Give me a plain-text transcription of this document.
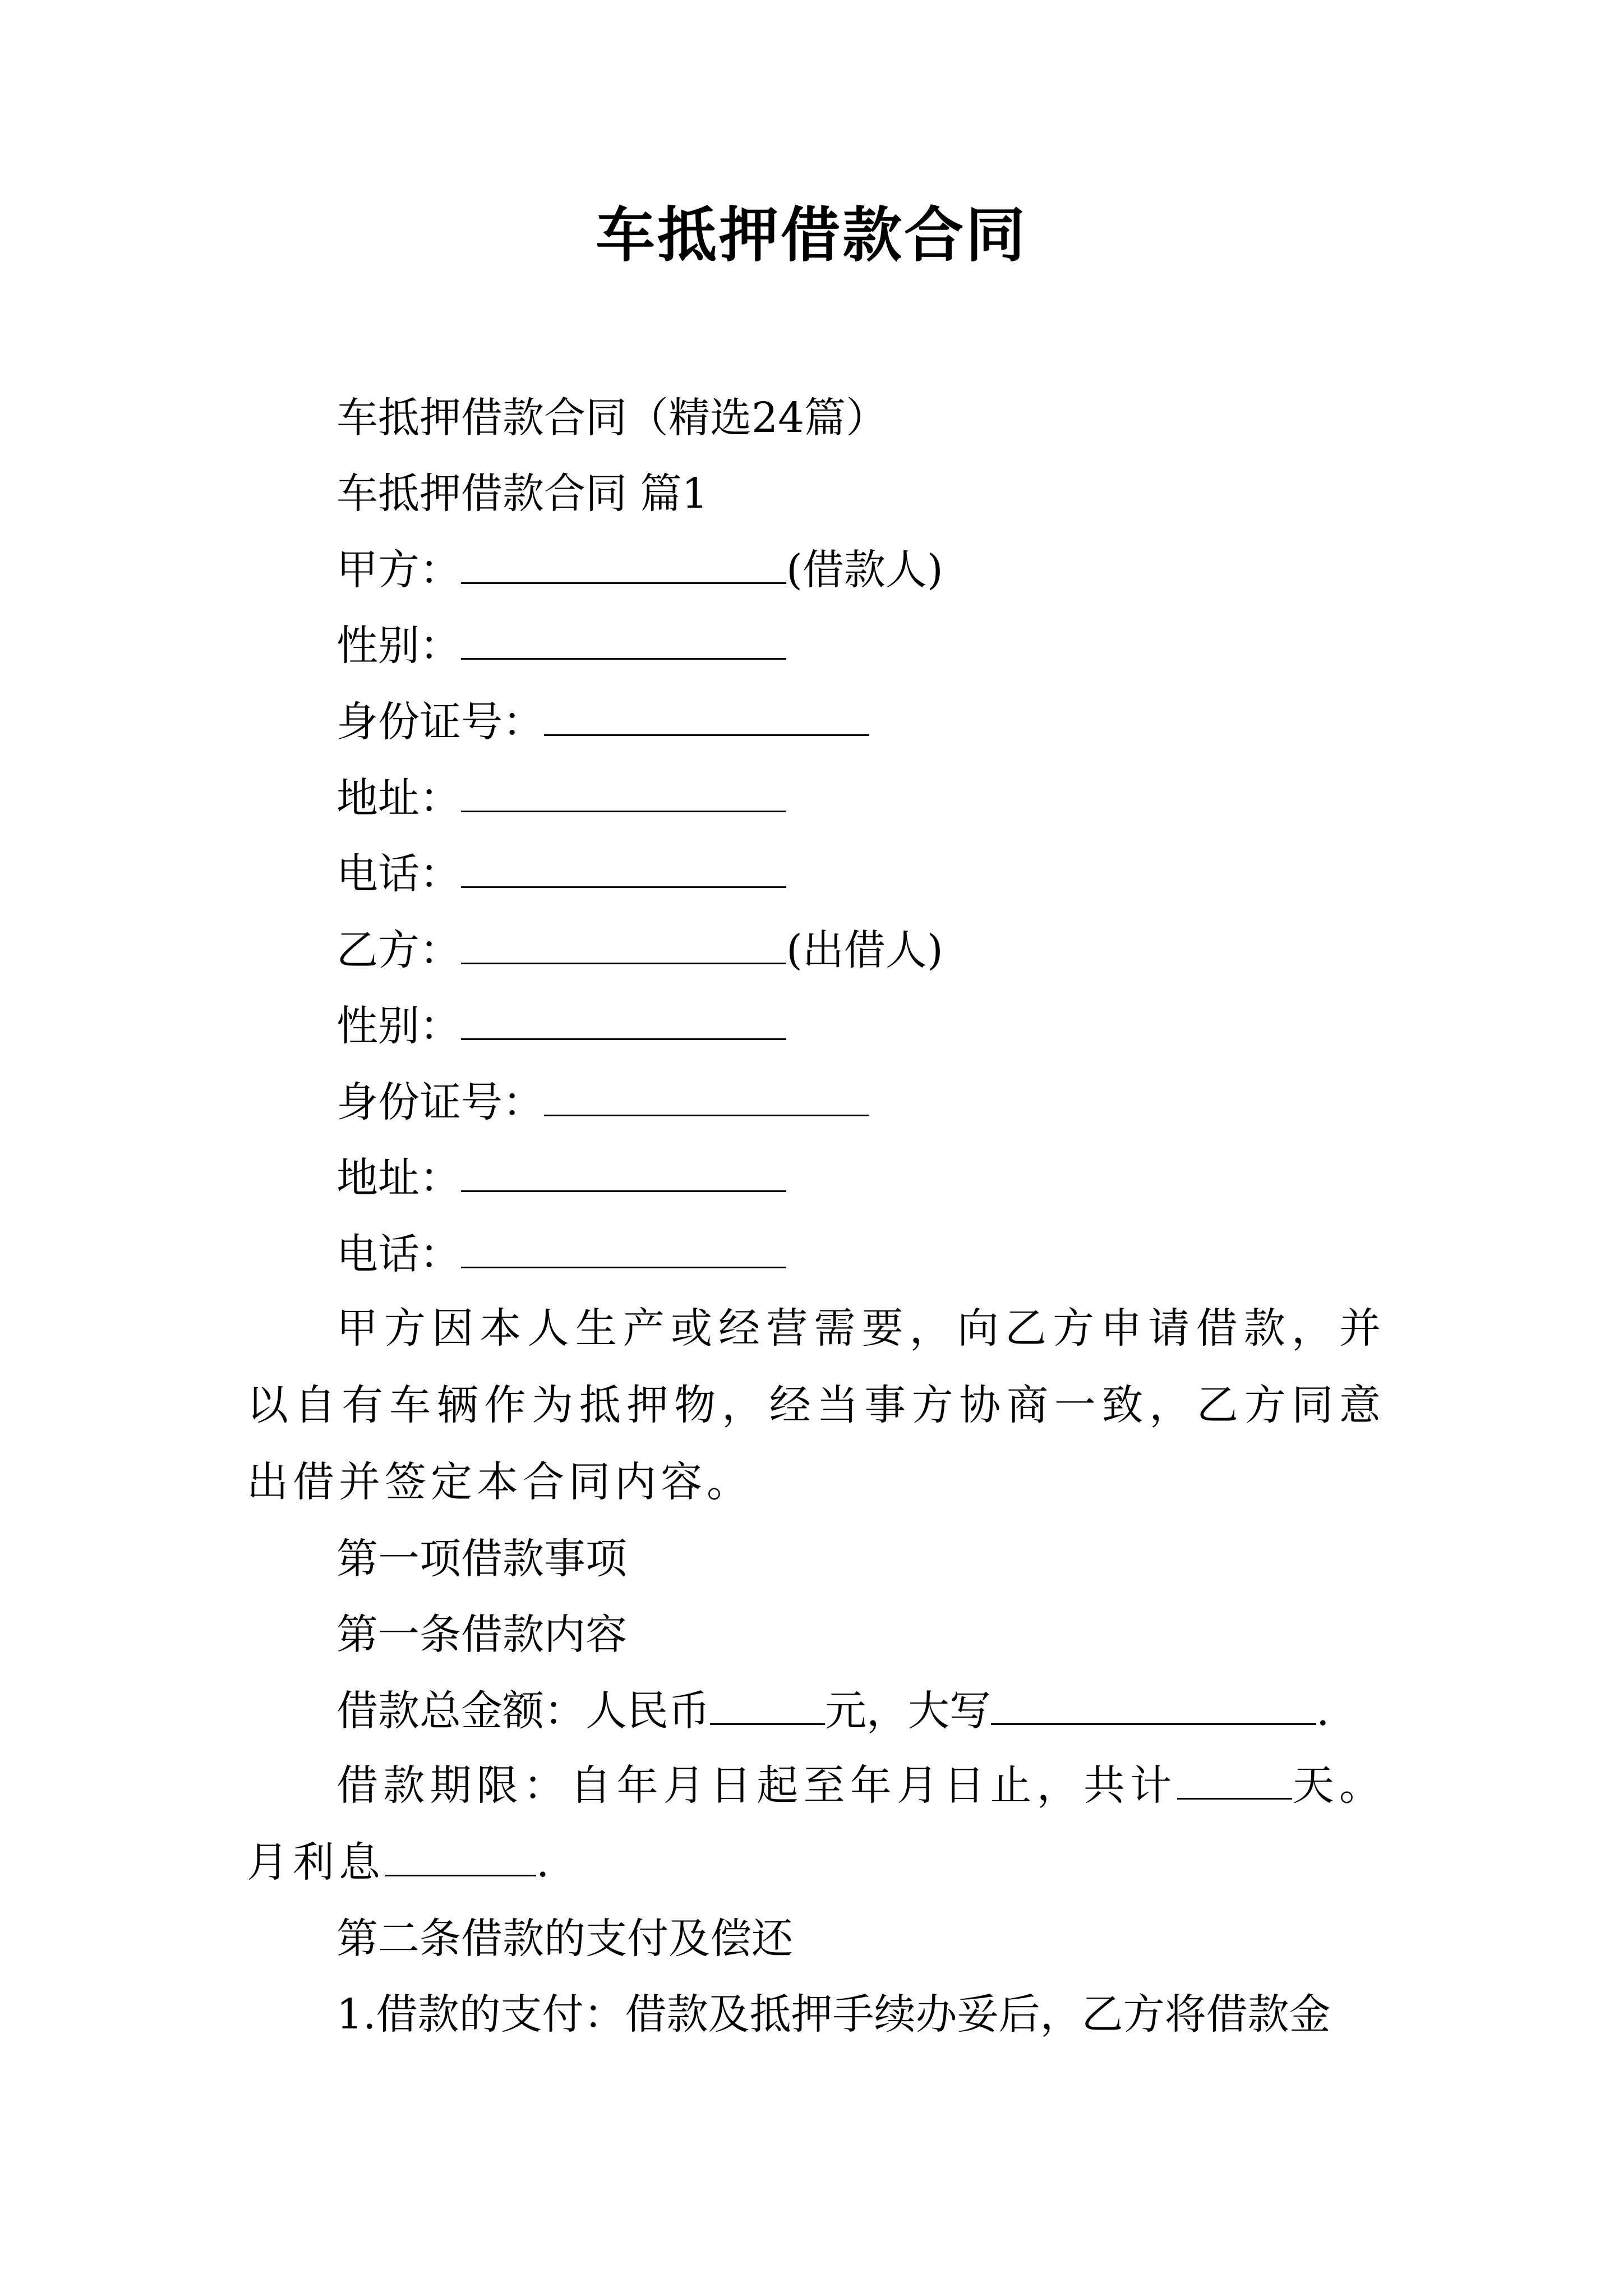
车抵押借款合同
车抵押借款合同（精选24篇）
车抵押借款合同 篇1
甲方：	(借款人)
性别：
身份证号：
地址：
电话：
乙方：	(出借人)
性别：
身份证号：
地址：
电话：
甲方因本人生产或经营需要，向乙方申请借款，并以自有车辆作为抵押物，经当事方协商一致，乙方同意出借并签定本合同内容。
第一项借款事项
第一条借款内容
借款总金额：人民币	元，大写	.
借款期限：自年月日起至年月日止，共计	天。月利息	.
第二条借款的支付及偿还
1.借款的支付：借款及抵押手续办妥后，乙方将借款金
